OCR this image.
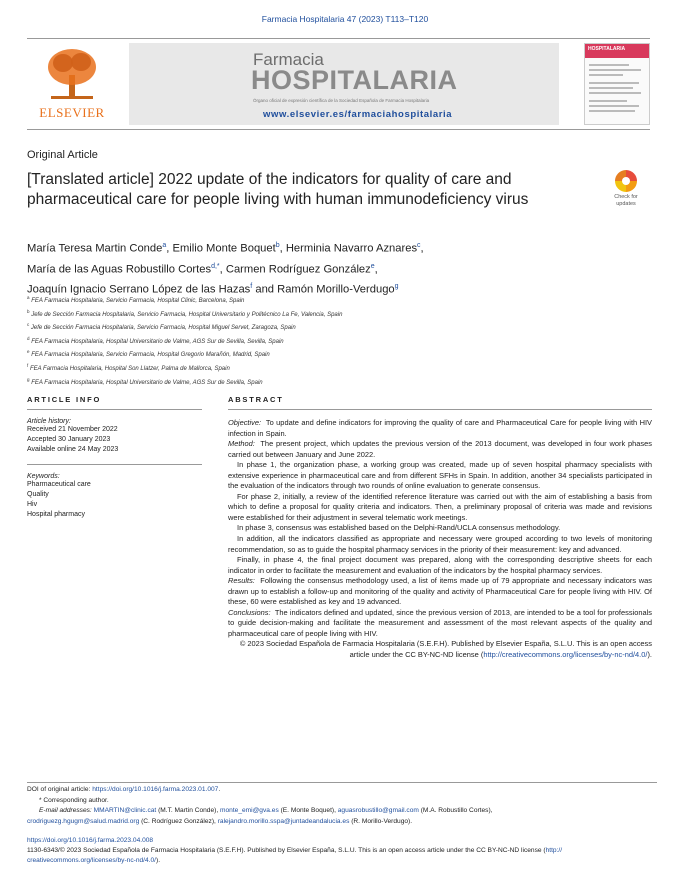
Farmacia Hospitalaria 47 (2023) T113–T120
ELSEVIER
Farmacia
HOSPITALARIA
Órgano oficial de expresión científica de la Sociedad Española de Farmacia Hospitalaria
www.elsevier.es/farmaciahospitalaria
HOSPITALARIA
Original Article
[Translated article] 2022 update of the indicators for quality of care and pharmaceutical care for people living with human immunodeficiency virus	Check for updates
María Teresa Martin Conde$^a$, Emilio Monte Boquet$^b$, Herminia Navarro Aznares$^c$,
María de las Aguas Robustillo Cortes$^{d,*}$, Carmen Rodríguez González$^e$,
Joaquín Ignacio Serrano López de las Hazas$^f$ and Ramón Morillo-Verdugo$^g$
$^a$ FEA Farmacia Hospitalaria, Servicio Farmacia, Hospital Clinic, Barcelona, Spain
$^b$ Jefe de Sección Farmacia Hospitalaria, Servicio Farmacia, Hospital Universitario y Politécnico La Fe, Valencia, Spain
$^c$ Jefe de Sección Farmacia Hospitalaria, Servicio Farmacia, Hospital Miguel Servet, Zaragoza, Spain
$^d$ FEA Farmacia Hospitalaria, Hospital Universitario de Valme, AGS Sur de Sevilla, Sevilla, Spain
$^e$ FEA Farmacia Hospitalaria, Servicio Farmacia, Hospital Gregorio Marañón, Madrid, Spain
$^f$ FEA Farmacia Hospitalaria, Hospital Son Llatzer, Palma de Mallorca, Spain
$^g$ FEA Farmacia Hospitalaria, Hospital Universitario de Valme, AGS Sur de Sevilla, Spain
ARTICLE INFO
Article history:
Received 21 November 2022
Accepted 30 January 2023
Available online 24 May 2023
Keywords:
Pharmaceutical care
Quality
Hiv
Hospital pharmacy
ABSTRACT

Objective: To update and define indicators for improving the quality of care and Pharmaceutical Care for people living with HIV infection in Spain.

Method: The present project, which updates the previous version of the 2013 document, was developed in four work phases carried out between January and June 2022.

In phase 1, the organization phase, a working group was created, made up of seven hospital pharmacy specialists with extensive experience in pharmaceutical care and from different SFHs in Spain. In addition, another 34 specialists participated in the evaluation of the indicators through two rounds of online evaluation to generate consensus.

For phase 2, initially, a review of the identified reference literature was carried out with the aim of establishing a basis from which to define a proposal for quality criteria and indicators. Then, a preliminary proposal of criteria was made and revisions were established for their adjustment in several telematic work meetings.

In phase 3, consensus was established based on the Delphi-Rand/UCLA consensus methodology.

In addition, all the indicators classified as appropriate and necessary were grouped according to two levels of monitoring recommendation, so as to guide the hospital pharmacy services in the priority of their measurement: key and advanced.

Finally, in phase 4, the final project document was prepared, along with the corresponding descriptive sheets for each indicator in order to facilitate the measurement and evaluation of the indicators by the hospital pharmacy services.

Results: Following the consensus methodology used, a list of items made up of 79 appropriate and necessary indicators was drawn up to establish a follow-up and monitoring of the quality and activity of Pharmaceutical Care for people living with HIV. Of these, 60 were established as key and 19 advanced.

Conclusions: The indicators defined and updated, since the previous version of 2013, are intended to be a tool for professionals to guide decision-making and facilitate the measurement and assessment of the most relevant aspects of the quality and pharmaceutical care of people living with HIV.

© 2023 Sociedad Española de Farmacia Hospitalaria (S.E.F.H). Published by Elsevier España, S.L.U. This is an open access article under the CC BY-NC-ND license (http://creativecommons.org/licenses/by-nc-nd/4.0/).

DOI of original article: https://doi.org/10.1016/j.farma.2023.01.007.

* Corresponding author.

E-mail addresses: MMARTIN@clinic.cat (M.T. Martin Conde), monte_emi@gva.es (E. Monte Boquet), aguasrobustillo@gmail.com (M.A. Robustillo Cortes),

crodriguezg.hgugm@salud.madrid.org (C. Rodríguez González), ralejandro.morillo.sspa@juntadeandalucia.es (R. Morillo-Verdugo).

https://doi.org/10.1016/j.farma.2023.04.008
1130-6343/© 2023 Sociedad Española de Farmacia Hospitalaria (S.E.F.H). Published by Elsevier España, S.L.U. This is an open access article under the CC BY-NC-ND license (http://
creativecommons.org/licenses/by-nc-nd/4.0/).
